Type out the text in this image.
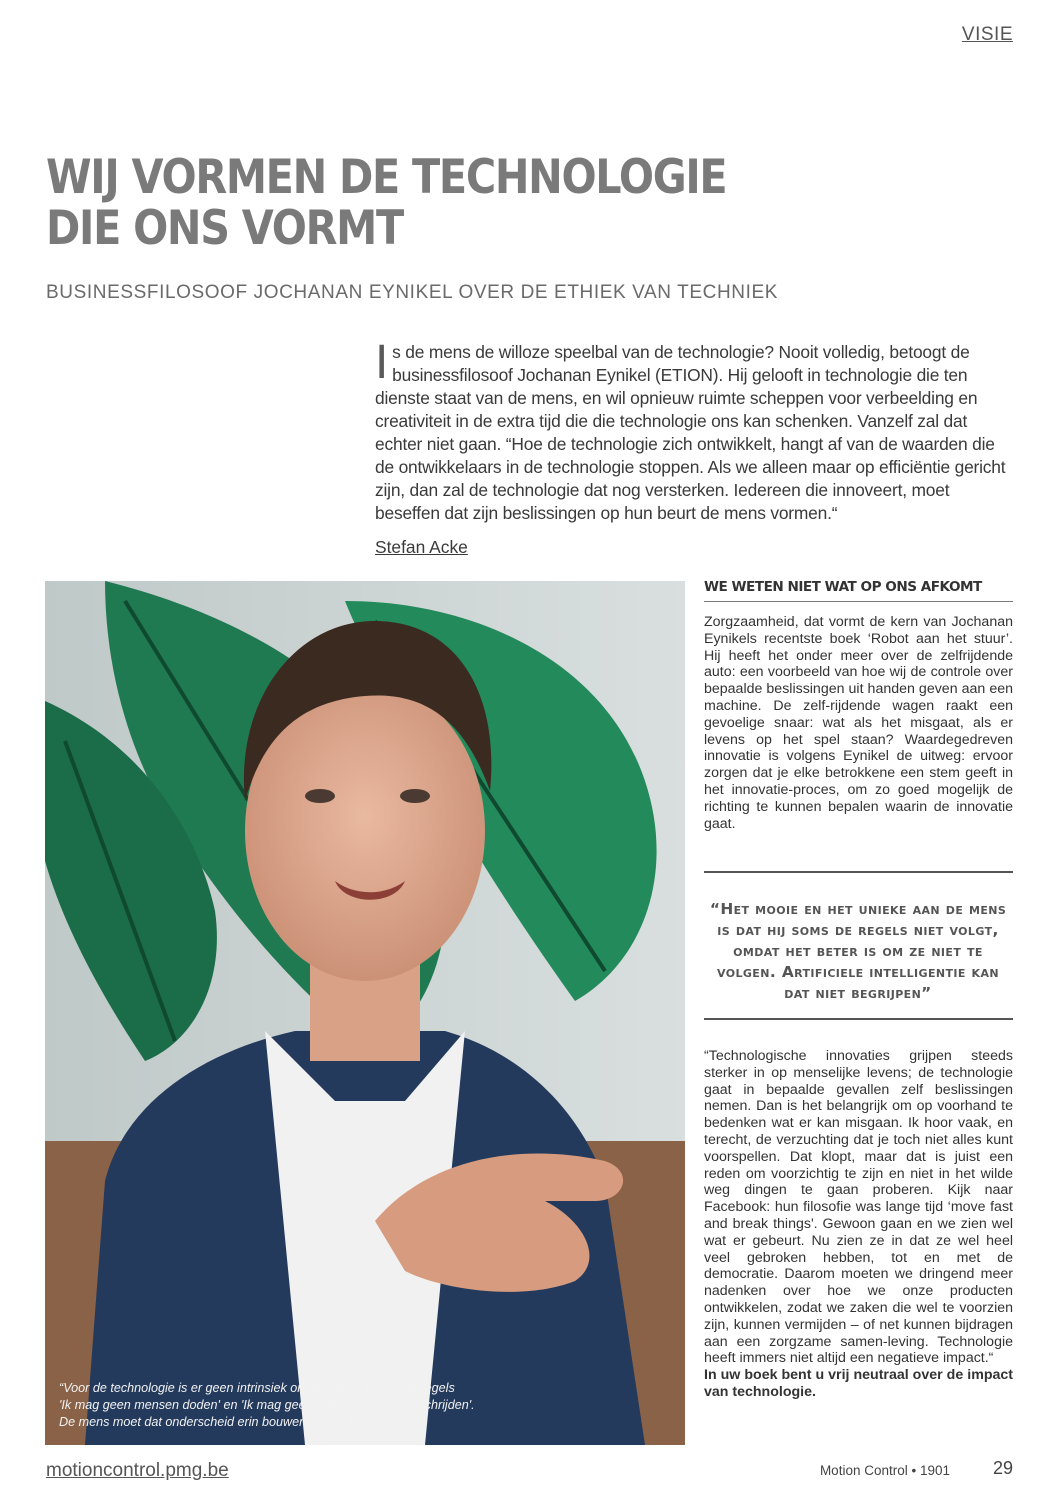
VISIE
WIJ VORMEN DE TECHNOLOGIE
DIE ONS VORMT
BUSINESSFILOSOOF JOCHANAN EYNIKEL OVER DE ETHIEK VAN TECHNIEK
I s de mens de willoze speelbal van de technologie? Nooit volledig, betoogt de businessfilosoof Jochanan Eynikel (ETION). Hij gelooft in technologie die ten dienste staat van de mens, en wil opnieuw ruimte scheppen voor verbeelding en creativiteit in de extra tijd die die technologie ons kan schenken. Vanzelf zal dat echter niet gaan. “Hoe de technologie zich ontwikkelt, hangt af van de waarden die de ontwikkelaars in de technologie stoppen. Als we alleen maar op efficiëntie gericht zijn, dan zal de technologie dat nog versterken. Iedereen die innoveert, moet beseffen dat zijn beslissingen op hun beurt de mens vormen.“
Stefan Acke
“Voor de technologie is er geen intrinsiek onderscheid tussen de regels
'Ik mag geen mensen doden' en 'Ik mag geen volle witte lijn overschrijden'.
De mens moet dat onderscheid erin bouwen“ (foto: Jan Locus)
WE WETEN NIET WAT OP ONS AFKOMT
Zorgzaamheid, dat vormt de kern van Jochanan Eynikels recentste boek ‘Robot aan het stuur’. Hij heeft het onder meer over de zelfrijdende auto: een voorbeeld van hoe wij de controle over bepaalde beslissingen uit handen geven aan een machine. De zelf-rijdende wagen raakt een gevoelige snaar: wat als het misgaat, als er levens op het spel staan? Waardegedreven innovatie is volgens Eynikel de uitweg: ervoor zorgen dat je elke betrokkene een stem geeft in het innovatie-proces, om zo goed mogelijk de richting te kunnen bepalen waarin de innovatie gaat.
“Het mooie en het unieke aan de mens is dat hij soms de regels niet volgt, omdat het beter is om ze niet te volgen. Artificiele intelligentie kan dat niet begrijpen”
“Technologische innovaties grijpen steeds sterker in op menselijke levens; de technologie gaat in bepaalde gevallen zelf beslissingen nemen. Dan is het belangrijk om op voorhand te bedenken wat er kan misgaan. Ik hoor vaak, en terecht, de verzuchting dat je toch niet alles kunt voorspellen. Dat klopt, maar dat is juist een reden om voorzichtig te zijn en niet in het wilde weg dingen te gaan proberen. Kijk naar Facebook: hun filosofie was lange tijd ‘move fast and break things'. Gewoon gaan en we zien wel wat er gebeurt. Nu zien ze in dat ze wel heel veel gebroken hebben, tot en met de democratie. Daarom moeten we dringend meer nadenken over hoe we onze producten ontwikkelen, zodat we zaken die wel te voorzien zijn, kunnen vermijden – of net kunnen bijdragen aan een zorgzame samen-leving. Technologie heeft immers niet altijd een negatieve impact.“
In uw boek bent u vrij neutraal over de impact van technologie.
motioncontrol.pmg.be	Motion Control • 1901 29
